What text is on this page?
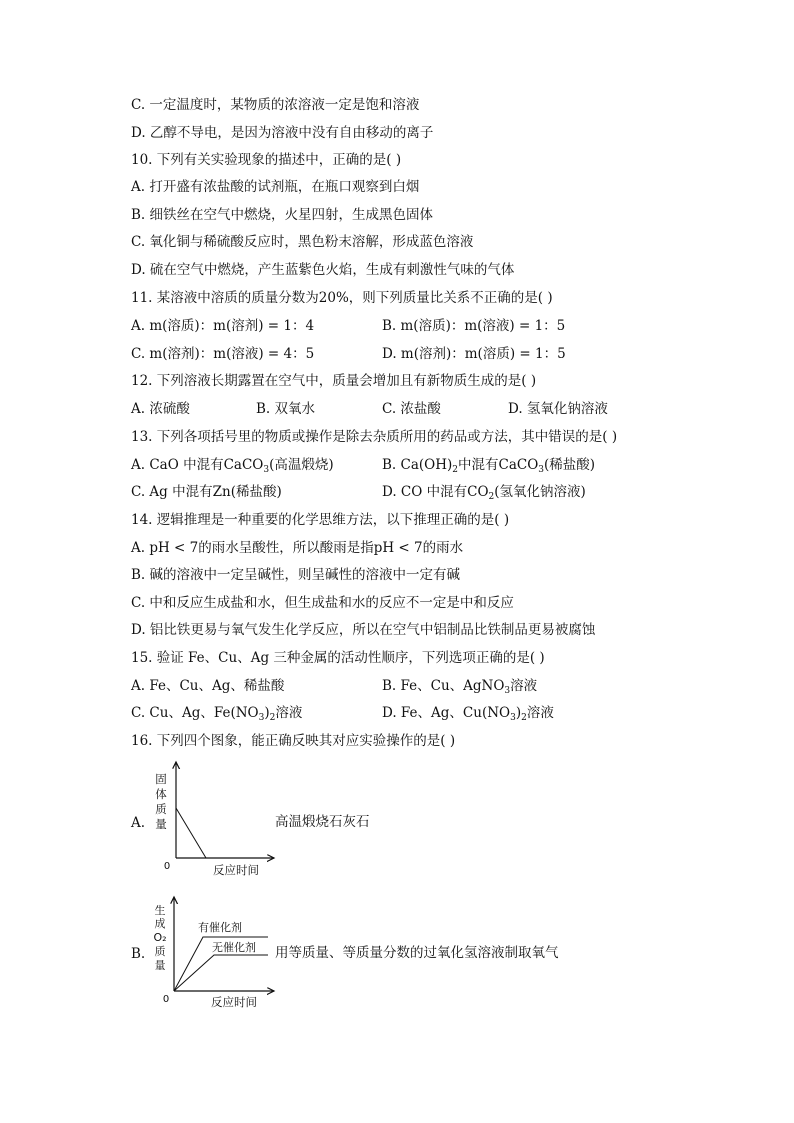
C. 一定温度时，某物质的浓溶液一定是饱和溶液
D. 乙醇不导电，是因为溶液中没有自由移动的离子
10. 下列有关实验现象的描述中，正确的是( )
A. 打开盛有浓盐酸的试剂瓶，在瓶口观察到白烟
B. 细铁丝在空气中燃烧，火星四射，生成黑色固体
C. 氧化铜与稀硫酸反应时，黑色粉末溶解，形成蓝色溶液
D. 硫在空气中燃烧，产生蓝紫色火焰，生成有刺激性气味的气体
11. 某溶液中溶质的质量分数为20%，则下列质量比关系不正确的是( )
A. m(溶质)：m(溶剂) = 1：4	B. m(溶质)：m(溶液) = 1：5
C. m(溶剂)：m(溶液) = 4：5	D. m(溶剂)：m(溶质) = 1：5
12. 下列溶液长期露置在空气中，质量会增加且有新物质生成的是( )
A. 浓硫酸	B. 双氧水	C. 浓盐酸	D. 氢氧化钠溶液
13. 下列各项括号里的物质或操作是除去杂质所用的药品或方法，其中错误的是( )
A. CaO 中混有CaCO$_3$(高温煅烧)	B. $Ca(OH)_2$中混有CaCO$_3$(稀盐酸)
C. Ag 中混有Zn(稀盐酸)	D. CO 中混有$CO_2$(氢氧化钠溶液)
14. 逻辑推理是一种重要的化学思维方法，以下推理正确的是( )
A. pH < 7的雨水呈酸性，所以酸雨是指pH < 7的雨水
B. 碱的溶液中一定呈碱性，则呈碱性的溶液中一定有碱
C. 中和反应生成盐和水，但生成盐和水的反应不一定是中和反应
D. 铝比铁更易与氧气发生化学反应，所以在空气中铝制品比铁制品更易被腐蚀
15. 验证 Fe、Cu、Ag 三种金属的活动性顺序，下列选项正确的是( )
A. Fe、Cu、Ag、稀盐酸	B. Fe、Cu、AgNO$_3$溶液
C. Cu、Ag、$Fe(NO_3)_2$溶液	D. Fe、Ag、$Cu(NO_3)_2$溶液
16. 下列四个图象，能正确反映其对应实验操作的是( )
A.
固
体
质
量
0	反应时间
高温煅烧石灰石
B.
有催化剂
无催化剂
生
成
O₂
质
量
0	反应时间
用等质量、等质量分数的过氧化氢溶液制取氧气
